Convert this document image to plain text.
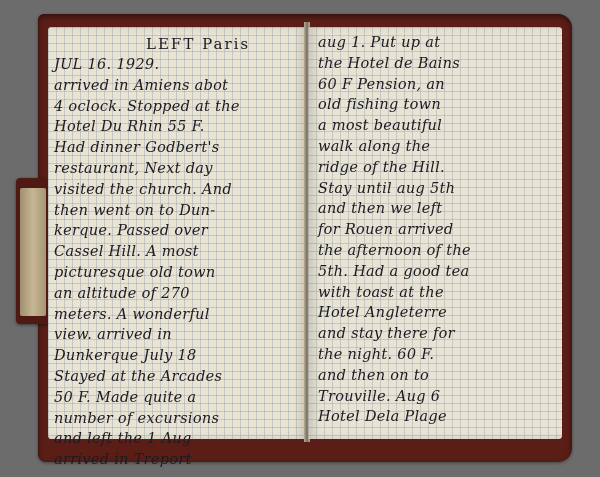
LEFT Paris
JUL 16. 1929.
arrived in Amiens abot
4 oclock. Stopped at the
Hotel Du Rhin 55 F.
Had dinner Godbert's
restaurant, Next day
visited the church. And
then went on to Dun-
kerque. Passed over
Cassel Hill. A most
picturesque old town
an altitude of 270
meters. A wonderful
view. arrived in
Dunkerque July 18
Stayed at the Arcades
50 F. Made quite a
number of excursions
and left the 1 Aug
arrived in Treport
aug 1. Put up at
the Hotel de Bains
60 F Pension, an
old fishing town
a most beautiful
walk along the
ridge of the Hill.
Stay until aug 5th
and then we left
for Rouen arrived
the afternoon of the
5th. Had a good tea
with toast at the
Hotel Angleterre
and stay there for
the night. 60 F.
and then on to
Trouville. Aug 6
Hotel Dela Plage
